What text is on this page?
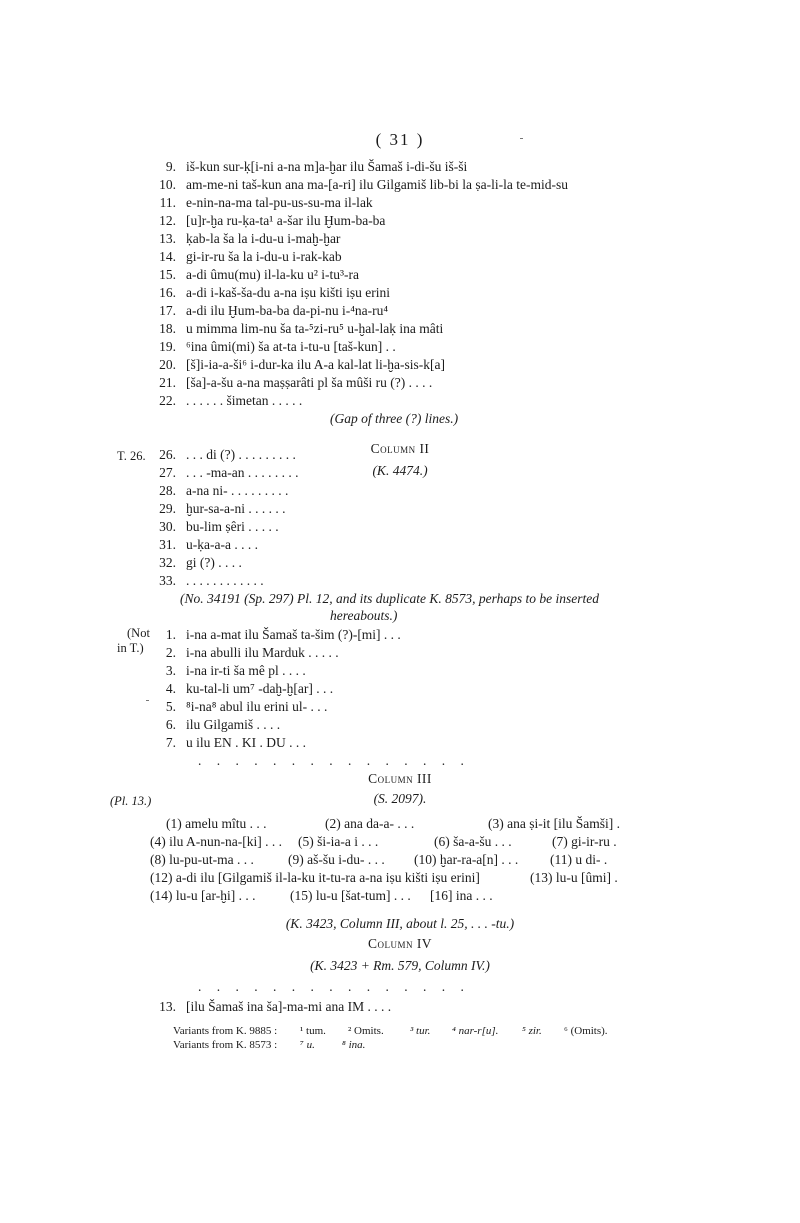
( 31 )
9. iš-kun sur-ḳ[i-ni a-na m]a-ḫar ilu Šamaš i-di-šu iš-ši
10. am-me-ni taš-kun ana ma-[a-ri] ilu Gilgamiš lib-bi la ṣa-li-la te-mid-su
11. e-nin-na-ma tal-pu-us-su-ma il-lak
12. [u]r-ḫa ru-ḳa-ta¹ a-šar ilu Ḫum-ba-ba
13. ḳab-la ša la i-du-u i-maḫ-ḫar
14. gi-ir-ru ša la i-du-u i-rak-kab
15. a-di ûmu(mu) il-la-ku u² i-tu³-ra
16. a-di i-kaš-ša-du a-na iṣu kišti iṣu erini
17. a-di ilu Ḫum-ba-ba da-pi-nu i-⁴na-ru⁴
18. u mimma lim-nu ša ta-⁵zi-ru⁵ u-ḫal-laḳ ina mâti
19. ⁶ina ûmi(mi) ša at-ta i-tu-u [taš-kun] . .
20. [š]i-ia-a-ši⁶ i-dur-ka ilu A-a kal-lat li-ḫa-sis-k[a]
21. [ša]-a-šu a-na maṣṣarâti pl ša mûši ru (?) . . . .
22. . . . . . . šimetan . . . . .
(Gap of three (?) lines.)
Column II
(K. 4474.)
T. 26.	26. . . . di (?) . . . . . . . . .
27. . . . -ma-an . . . . . . . .
28. a-na ni- . . . . . . . . .
29. ḫur-sa-a-ni . . . . . .
30. bu-lim ṣêri . . . . .
31. u-ḳa-a-a . . . .
32. gi (?) . . . .
33. . . . . . . . . . . . .
(No. 34191 (Sp. 297) Pl. 12, and its duplicate K. 8573, perhaps to be inserted
hereabouts.)
(Not
in T.)
1. i-na a-mat ilu Šamaš ta-šim (?)-[mi] . . .
2. i-na abulli ilu Marduk . . . . .
3. i-na ir-ti ša mê pl . . . .
4. ku-tal-li um⁷ -daḫ-ḫ[ar] . . .
5. ⁸i-na⁸ abul ilu erini ul- . . .
6. ilu Gilgamiš . . . .
7. u ilu EN . KI . DU . . .
. . . . . . . . . . . . . . .
Column III
(S. 2097).
(Pl. 13.)
(1) amelu mîtu . . .	(2) ana da-a- . . .	(3) ana ṣi-it [ilu Šamši] .
(4) ilu A-nun-na-[ki] . . . (5) ši-ia-a i . . .	(6) ša-a-šu . . .	(7) gi-ir-ru .
(8) lu-pu-ut-ma . . .	(9) aš-šu i-du- . . . (10) ḫar-ra-a[n] . . . (11) u di- .
(12) a-di ilu [Gilgamiš il-la-ku it-tu-ra a-na iṣu kišti iṣu erini]	(13) lu-u [ûmi] .
(14) lu-u [ar-ḫi] . . .	(15) lu-u [šat-tum] . . . [16] ina . . .
(K. 3423, Column III, about l. 25, . . . -tu.)
Column IV
(K. 3423 + Rm. 579, Column IV.)
. . . . . . . . . . . . . . .
13. [ilu Šamaš ina ša]-ma-mi ana IM . . . .
Variants from K. 9885 : ¹ tum. ² Omits. ³ tur. ⁴ nar-r[u]. ⁵ zir. ⁶ (Omits).
Variants from K. 8573 : ⁷ u. ⁸ ina.
